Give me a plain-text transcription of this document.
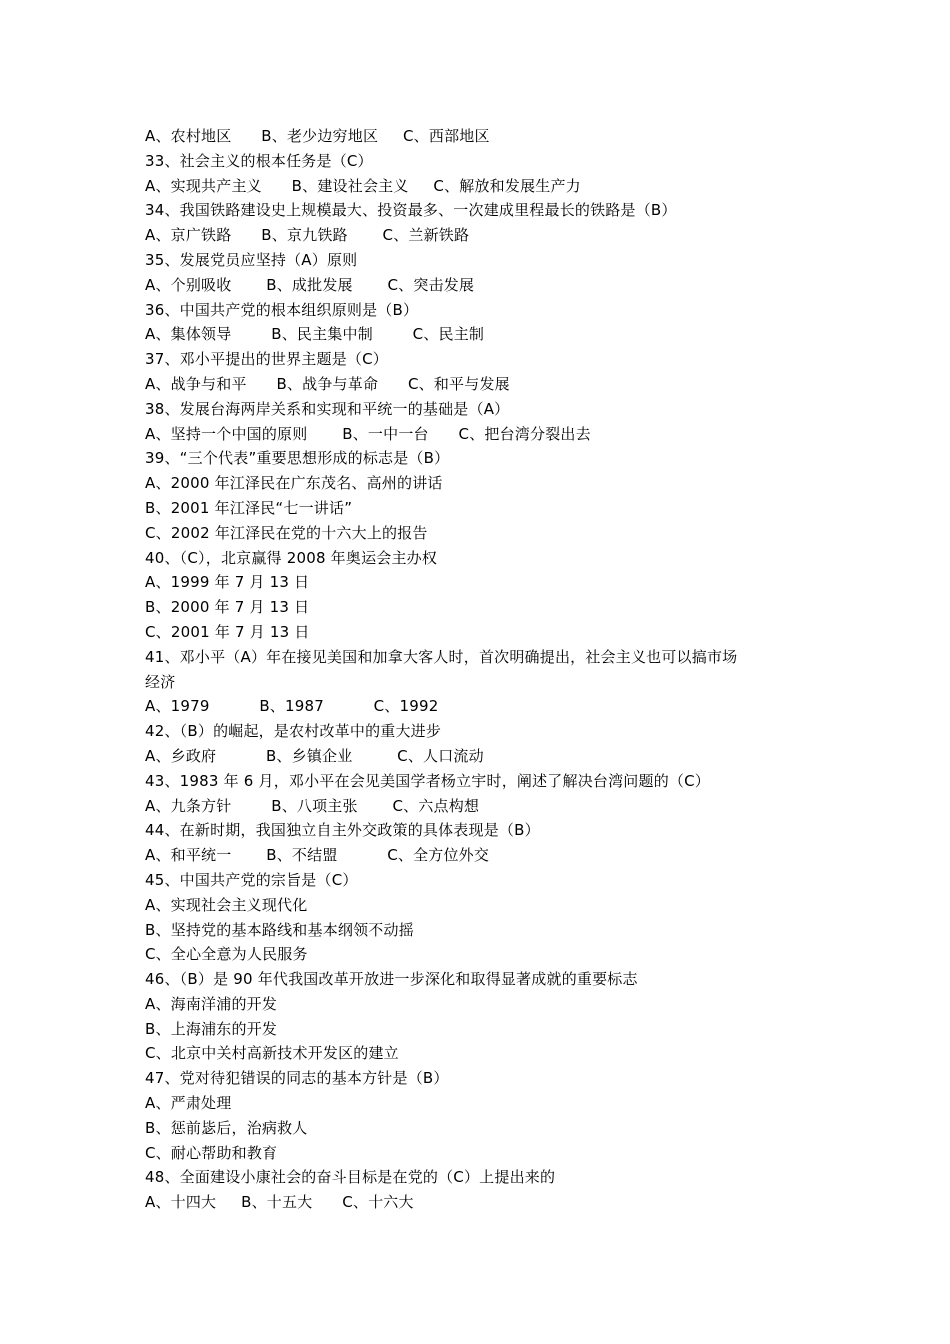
A、农村地区      B、老少边穷地区     C、西部地区
33、社会主义的根本任务是（C）
A、实现共产主义      B、建设社会主义     C、解放和发展生产力
34、我国铁路建设史上规模最大、投资最多、一次建成里程最长的铁路是（B）
A、京广铁路      B、京九铁路       C、兰新铁路
35、发展党员应坚持（A）原则
A、个别吸收       B、成批发展       C、突击发展
36、中国共产党的根本组织原则是（B）
A、集体领导        B、民主集中制        C、民主制
37、邓小平提出的世界主题是（C）
A、战争与和平      B、战争与革命      C、和平与发展
38、发展台海两岸关系和实现和平统一的基础是（A）
A、坚持一个中国的原则       B、一中一台      C、把台湾分裂出去
39、“三个代表”重要思想形成的标志是（B）
A、2000 年江泽民在广东茂名、高州的讲话
B、2001 年江泽民“七一讲话”
C、2002 年江泽民在党的十六大上的报告
40、（C），北京赢得 2008 年奥运会主办权
A、1999 年 7 月 13 日
B、2000 年 7 月 13 日
C、2001 年 7 月 13 日
41、邓小平（A）年在接见美国和加拿大客人时，首次明确提出，社会主义也可以搞市场
经济
A、1979          B、1987          C、1992
42、（B）的崛起，是农村改革中的重大进步
A、乡政府          B、乡镇企业         C、人口流动
43、1983 年 6 月，邓小平在会见美国学者杨立宇时，阐述了解决台湾问题的（C）
A、九条方针        B、八项主张       C、六点构想
44、在新时期，我国独立自主外交政策的具体表现是（B）
A、和平统一       B、不结盟          C、全方位外交
45、中国共产党的宗旨是（C）
A、实现社会主义现代化
B、坚持党的基本路线和基本纲领不动摇
C、全心全意为人民服务
46、（B）是 90 年代我国改革开放进一步深化和取得显著成就的重要标志
A、海南洋浦的开发
B、上海浦东的开发
C、北京中关村高新技术开发区的建立
47、党对待犯错误的同志的基本方针是（B）
A、严肃处理
B、惩前毖后，治病救人
C、耐心帮助和教育
48、全面建设小康社会的奋斗目标是在党的（C）上提出来的
A、十四大     B、十五大      C、十六大
